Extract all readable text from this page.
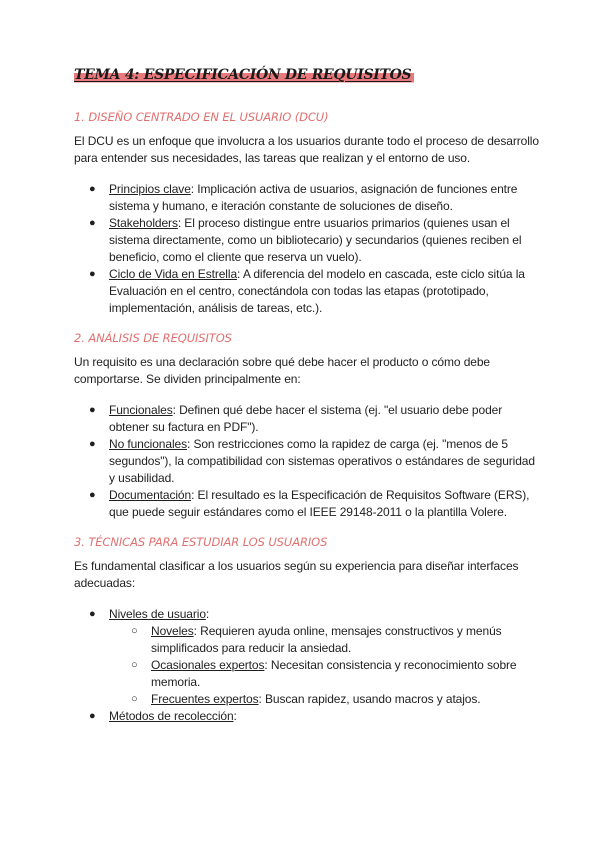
TEMA 4: ESPECIFICACIÓN DE REQUISITOS
1. DISEÑO CENTRADO EN EL USUARIO (DCU)

El DCU es un enfoque que involucra a los usuarios durante todo el proceso de desarrollo para entender sus necesidades, las tareas que realizan y el entorno de uso.

● Principios clave: Implicación activa de usuarios, asignación de funciones entre sistema y humano, e iteración constante de soluciones de diseño.
● Stakeholders: El proceso distingue entre usuarios primarios (quienes usan el sistema directamente, como un bibliotecario) y secundarios (quienes reciben el beneficio, como el cliente que reserva un vuelo).
● Ciclo de Vida en Estrella: A diferencia del modelo en cascada, este ciclo sitúa la Evaluación en el centro, conectándola con todas las etapas (prototipado, implementación, análisis de tareas, etc.).
2. ANÁLISIS DE REQUISITOS

Un requisito es una declaración sobre qué debe hacer el producto o cómo debe comportarse. Se dividen principalmente en:

● Funcionales: Definen qué debe hacer el sistema (ej. "el usuario debe poder obtener su factura en PDF").
● No funcionales: Son restricciones como la rapidez de carga (ej. "menos de 5 segundos"), la compatibilidad con sistemas operativos o estándares de seguridad y usabilidad.
● Documentación: El resultado es la Especificación de Requisitos Software (ERS), que puede seguir estándares como el IEEE 29148-2011 o la plantilla Volere.
3. TÉCNICAS PARA ESTUDIAR LOS USUARIOS

Es fundamental clasificar a los usuarios según su experiencia para diseñar interfaces adecuadas:

● Niveles de usuario:
○ Noveles: Requieren ayuda online, mensajes constructivos y menús simplificados para reducir la ansiedad.
○ Ocasionales expertos: Necesitan consistencia y reconocimiento sobre memoria.
○ Frecuentes expertos: Buscan rapidez, usando macros y atajos.
● Métodos de recolección:
